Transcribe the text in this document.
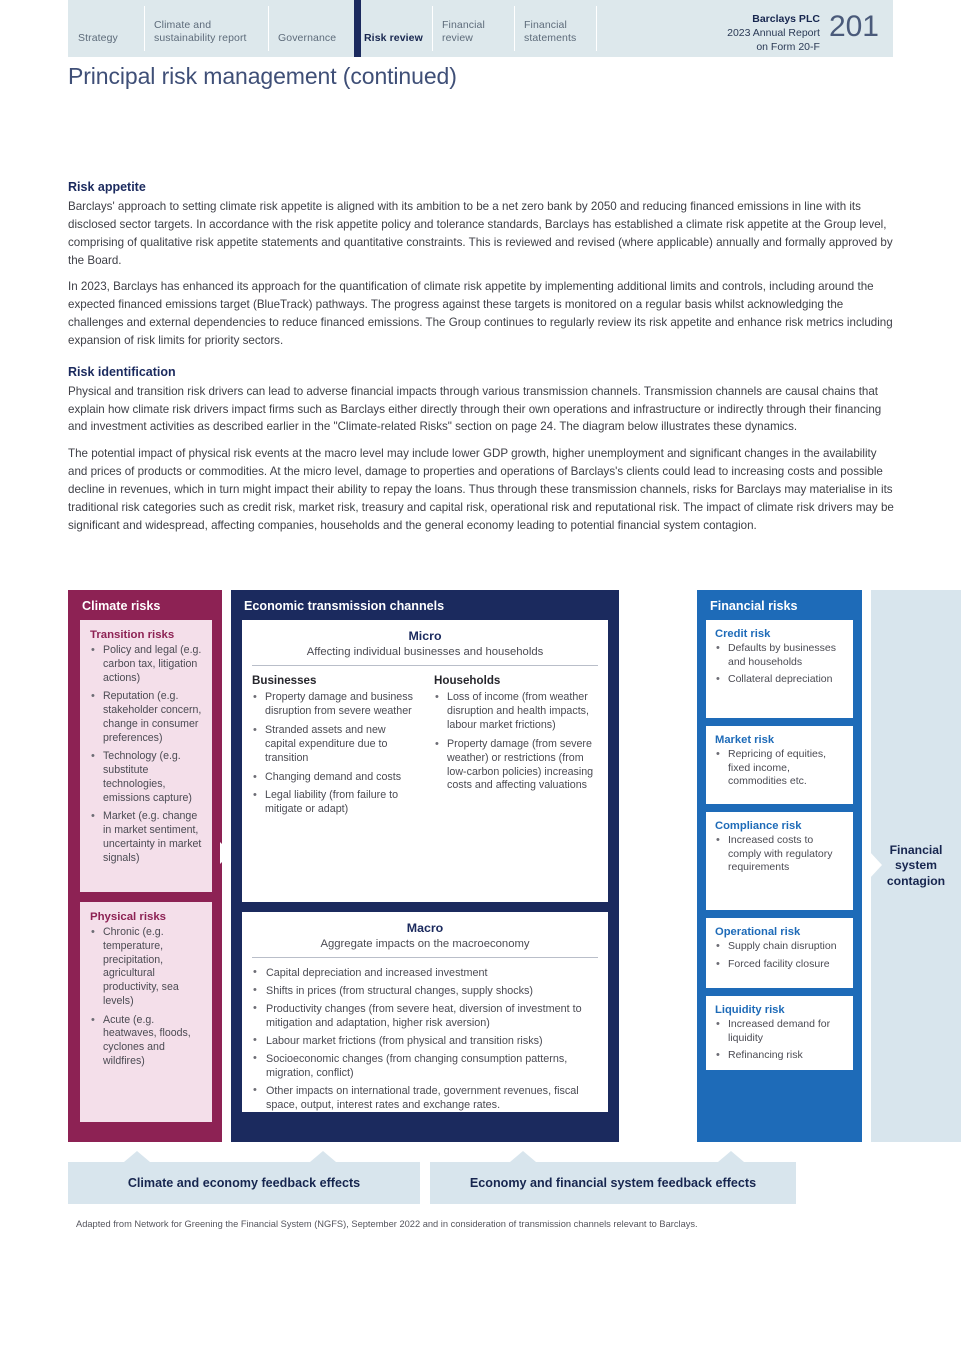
Strategy
Climate and sustainability report	Governance	Risk review
Financial review
Financial statements
Barclays PLC
2023 Annual Report
on Form 20-F
201
Principal risk management (continued)
Risk appetite

Barclays' approach to setting climate risk appetite is aligned with its ambition to be a net zero bank by 2050 and reducing financed emissions in line with its disclosed sector targets. In accordance with the risk appetite policy and tolerance standards, Barclays has established a climate risk appetite at the Group level, comprising of qualitative risk appetite statements and quantitative constraints. This is reviewed and revised (where applicable) annually and formally approved by the Board.

In 2023, Barclays has enhanced its approach for the quantification of climate risk appetite by implementing additional limits and controls, including around the expected financed emissions target (BlueTrack) pathways. The progress against these targets is monitored on a regular basis whilst acknowledging the challenges and external dependencies to reduce financed emissions. The Group continues to regularly review its risk appetite and enhance risk metrics including expansion of risk limits for priority sectors.

Risk identification

Physical and transition risk drivers can lead to adverse financial impacts through various transmission channels. Transmission channels are causal chains that explain how climate risk drivers impact firms such as Barclays either directly through their own operations and infrastructure or indirectly through their financing and investment activities as described earlier in the "Climate-related Risks" section on page 24. The diagram below illustrates these dynamics.

The potential impact of physical risk events at the macro level may include lower GDP growth, higher unemployment and significant changes in the availability and prices of products or commodities. At the micro level, damage to properties and operations of Barclays's clients could lead to increasing costs and possible decline in revenues, which in turn might impact their ability to repay the loans. Thus through these transmission channels, risks for Barclays may materialise in its traditional risk categories such as credit risk, market risk, treasury and capital risk, operational risk and reputational risk. The impact of climate risk drivers may be significant and widespread, affecting companies, households and the general economy leading to potential financial system contagion.

Climate risks
Transition risks
• Policy and legal (e.g. carbon tax, litigation actions)
• Reputation (e.g. stakeholder concern, change in consumer preferences)
• Technology (e.g. substitute technologies, emissions capture)
• Market (e.g. change in market sentiment, uncertainty in market signals)
Physical risks
• Chronic (e.g. temperature, precipitation, agricultural productivity, sea levels)
• Acute (e.g. heatwaves, floods, cyclones and wildfires)
Economic transmission channels
Micro
Affecting individual businesses and households
Businesses
• Property damage and business disruption from severe weather
• Stranded assets and new capital expenditure due to transition
• Changing demand and costs
• Legal liability (from failure to mitigate or adapt)
Households
• Loss of income (from weather disruption and health impacts, labour market frictions)
• Property damage (from severe weather) or restrictions (from low-carbon policies) increasing costs and affecting valuations
Macro
Aggregate impacts on the macroeconomy
• Capital depreciation and increased investment
• Shifts in prices (from structural changes, supply shocks)
• Productivity changes (from severe heat, diversion of investment to mitigation and adaptation, higher risk aversion)
• Labour market frictions (from physical and transition risks)
• Socioeconomic changes (from changing consumption patterns, migration, conflict)
• Other impacts on international trade, government revenues, fiscal space, output, interest rates and exchange rates.
Financial risks
Credit risk
• Defaults by businesses and households
• Collateral depreciation
Market risk
• Repricing of equities, fixed income, commodities etc.
Compliance risk
• Increased costs to comply with regulatory requirements
Operational risk
• Supply chain disruption
• Forced facility closure
Liquidity risk
• Increased demand for liquidity
• Refinancing risk
Financial system contagion
Climate and economy feedback effects	Economy and financial system feedback effects
Adapted from Network for Greening the Financial System (NGFS), September 2022 and in consideration of transmission channels relevant to Barclays.
